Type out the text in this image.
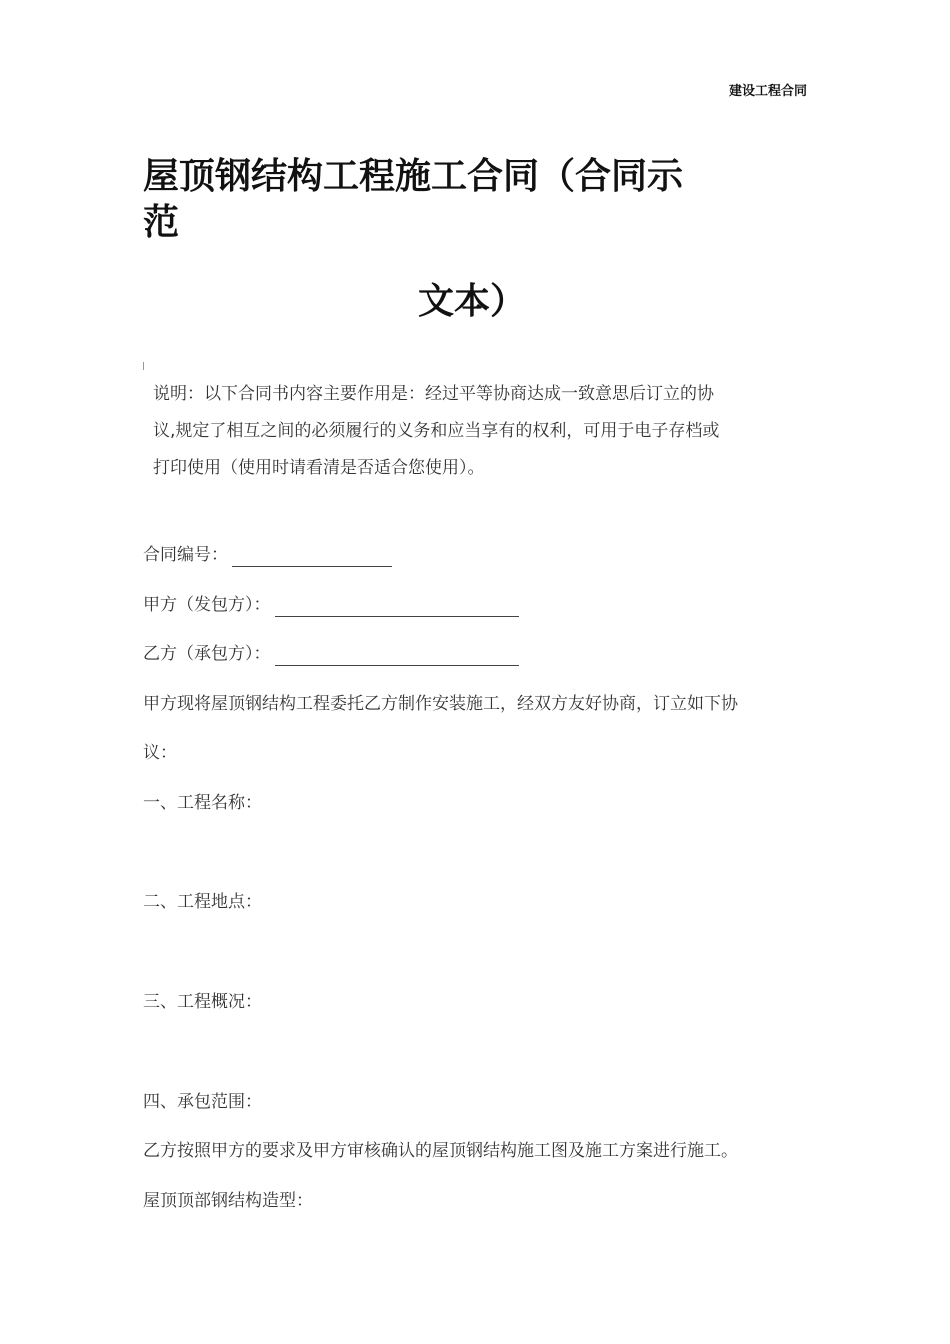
建设工程合同
屋顶钢结构工程施工合同（合同示
范
文本）
说明：以下合同书内容主要作用是：经过平等协商达成一致意思后订立的协
议,规定了相互之间的必须履行的义务和应当享有的权利，可用于电子存档或
打印使用（使用时请看清是否适合您使用）。
合同编号：
甲方（发包方）：
乙方（承包方）：
甲方现将屋顶钢结构工程委托乙方制作安装施工，经双方友好协商，订立如下协
议：
一、工程名称：
二、工程地点：
三、工程概况：
四、承包范围：
乙方按照甲方的要求及甲方审核确认的屋顶钢结构施工图及施工方案进行施工。
屋顶顶部钢结构造型：
